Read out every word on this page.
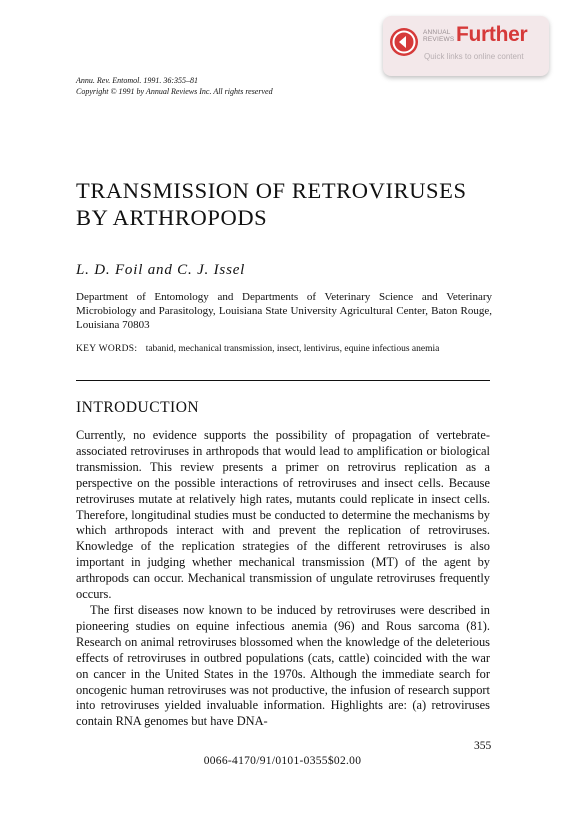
ANNUAL
REVIEWS Further
Quick links to online content
Annu. Rev. Entomol. 1991. 36:355–81
Copyright © 1991 by Annual Reviews Inc. All rights reserved
TRANSMISSION OF RETROVIRUSES
BY ARTHROPODS
L. D. Foil and C. J. Issel
Department of Entomology and Departments of Veterinary Science and Veterinary Microbiology and Parasitology, Louisiana State University Agricultural Center, Baton Rouge, Louisiana 70803
KEY WORDS: tabanid, mechanical transmission, insect, lentivirus, equine infectious anemia
INTRODUCTION

Currently, no evidence supports the possibility of propagation of vertebrate-associated retroviruses in arthropods that would lead to amplification or biological transmission. This review presents a primer on retrovirus replication as a perspective on the possible interactions of retroviruses and insect cells. Because retroviruses mutate at relatively high rates, mutants could replicate in insect cells. Therefore, longitudinal studies must be conducted to determine the mechanisms by which arthropods interact with and prevent the replication of retroviruses. Knowledge of the replication strategies of the different retroviruses is also important in judging whether mechanical transmission (MT) of the agent by arthropods can occur. Mechanical transmission of ungulate retroviruses frequently occurs.

The first diseases now known to be induced by retroviruses were described in pioneering studies on equine infectious anemia (96) and Rous sarcoma (81). Research on animal retroviruses blossomed when the knowledge of the deleterious effects of retroviruses in outbred populations (cats, cattle) coincided with the war on cancer in the United States in the 1970s. Although the immediate search for oncogenic human retroviruses was not productive, the infusion of research support into retroviruses yielded invaluable information. Highlights are: (a) retroviruses contain RNA genomes but have DNA-

355
0066-4170/91/0101-0355$02.00
